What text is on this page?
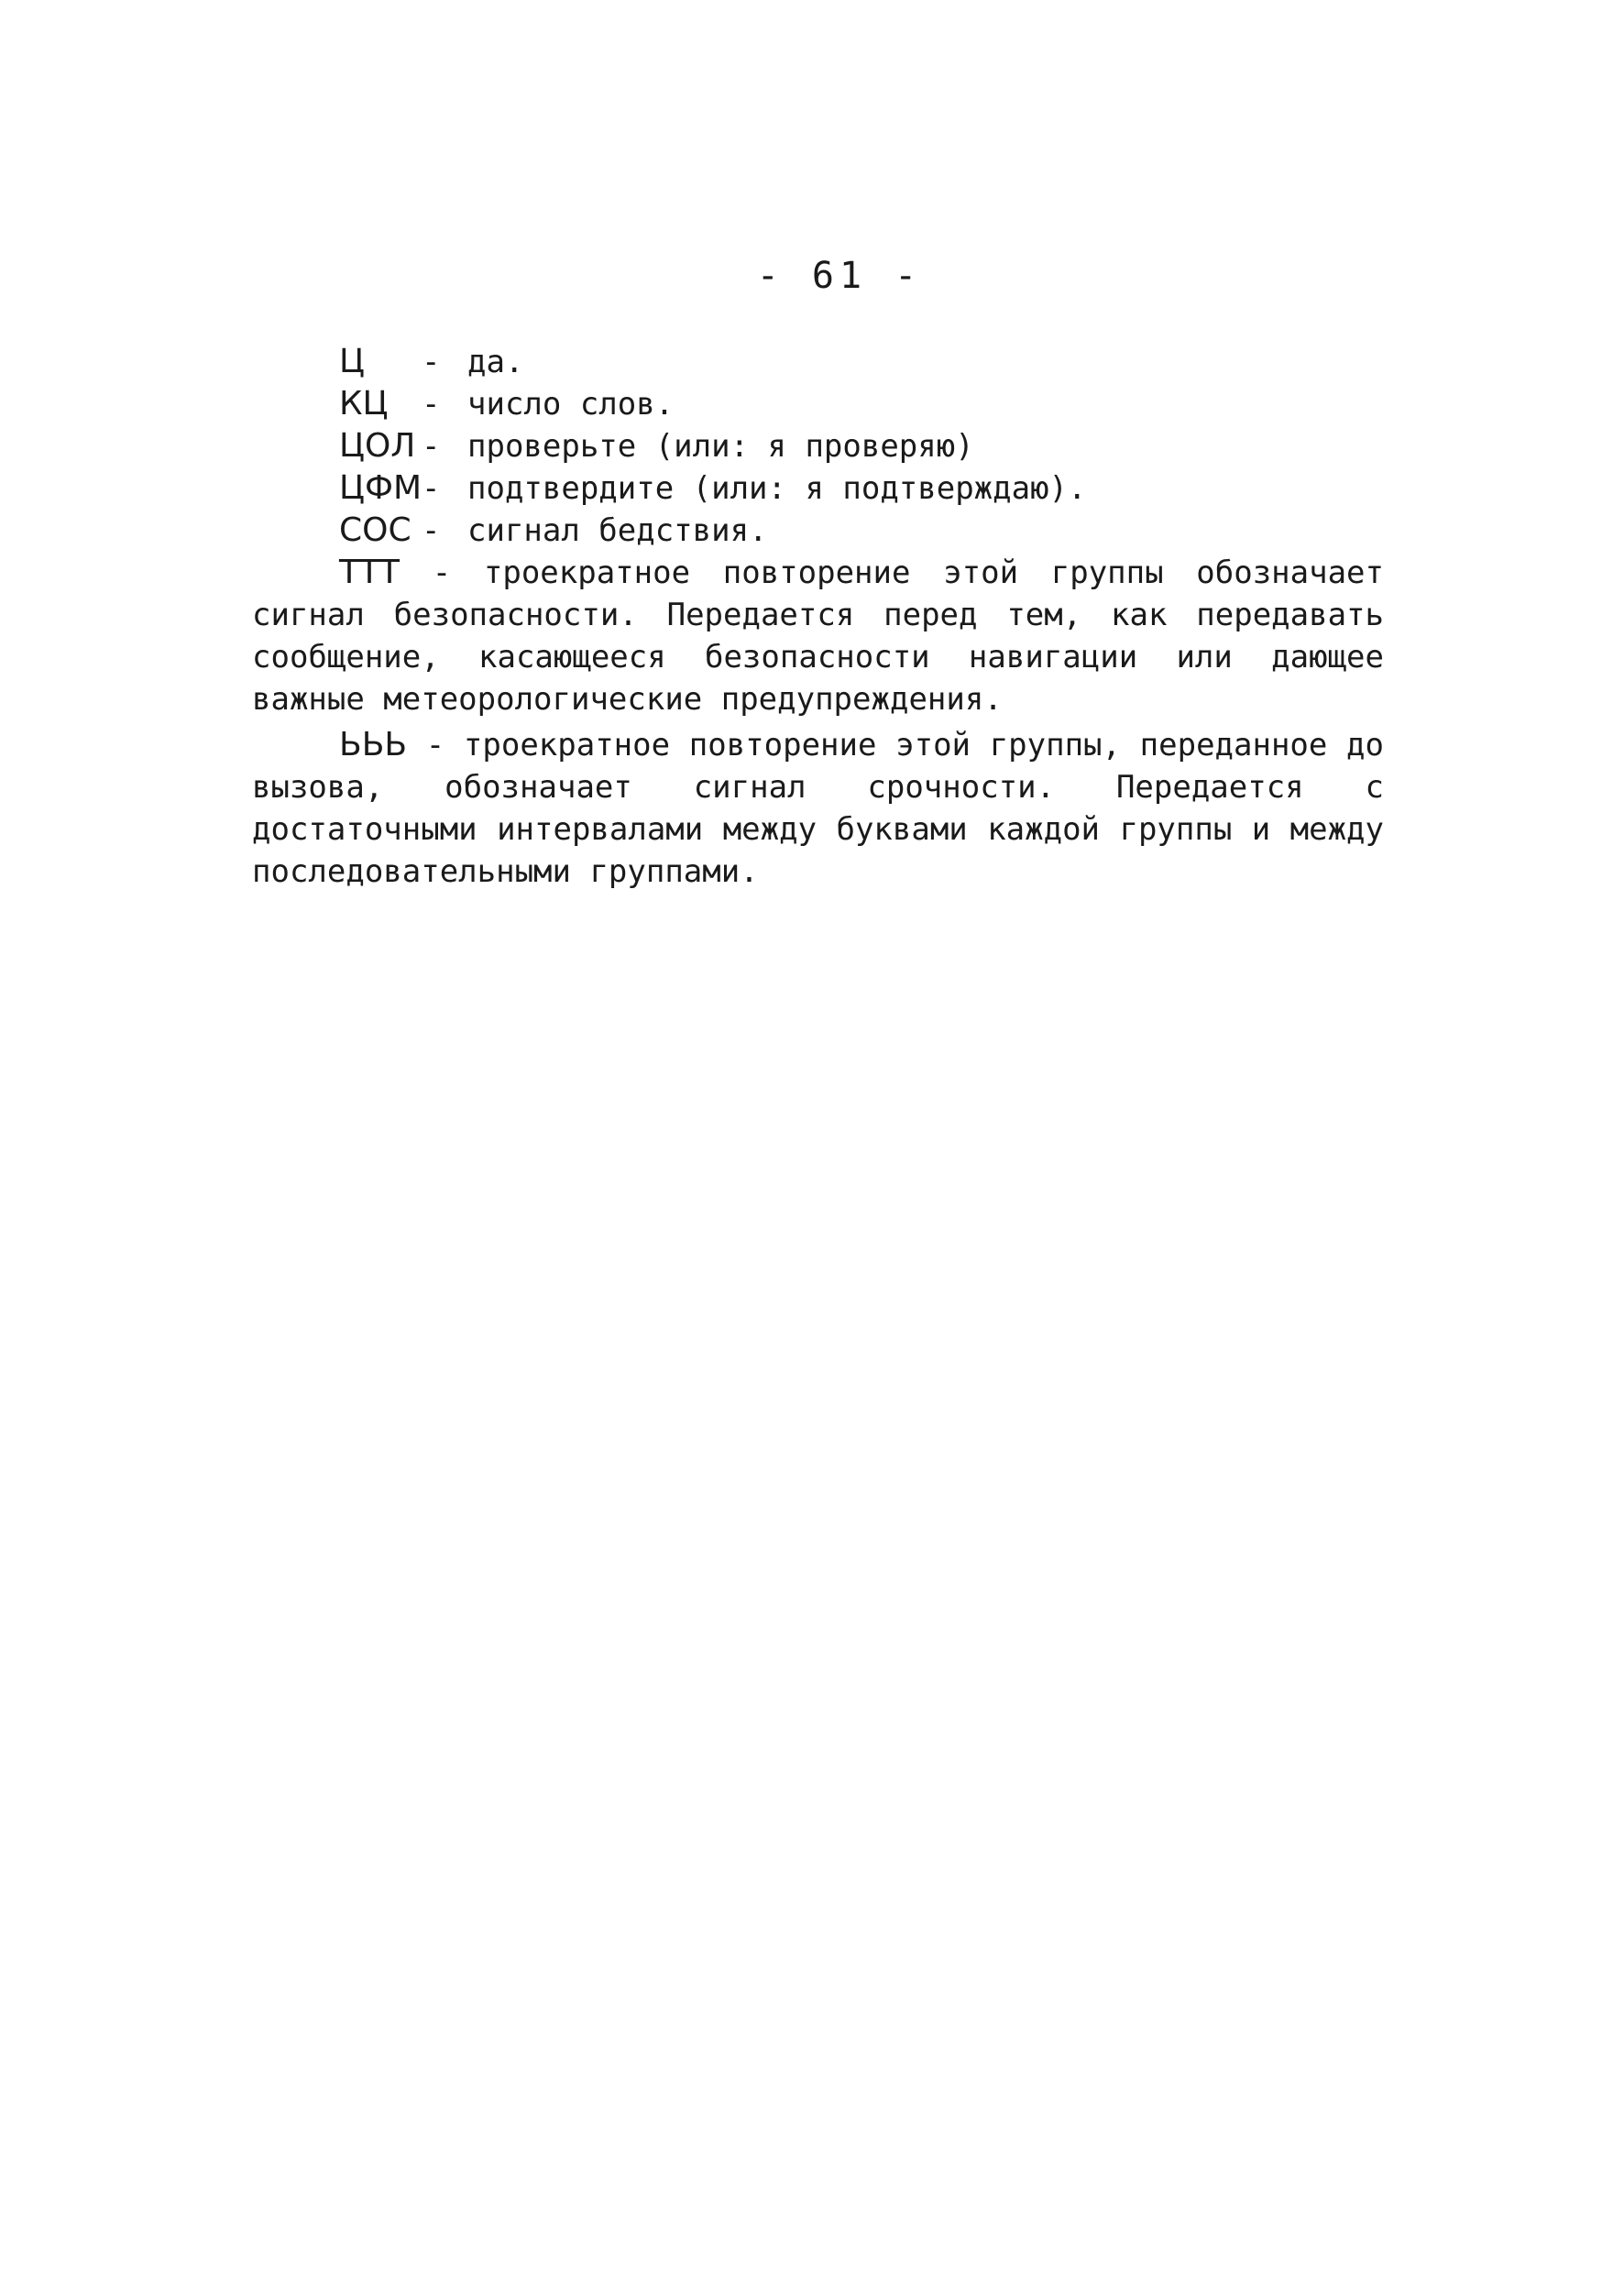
- 61 -
Ц	- да.
КЦ	- число слов.
ЦОЛ - проверьте (или: я проверяю)
ЦФМ - подтвердите (или: я подтверждаю).
СОС - сигнал бедствия.

ТТТ - троекратное повторение этой группы обозначает сигнал безопасности. Передается перед тем, как передавать сообщение, касающееся безопасности навигации или дающее важные метеорологические предупреждения.

ЬЬЬ - троекратное повторение этой группы, переданное до вызова, обозначает сигнал срочности. Передается с достаточными интервалами между буквами каждой группы и между последовательными группами.
